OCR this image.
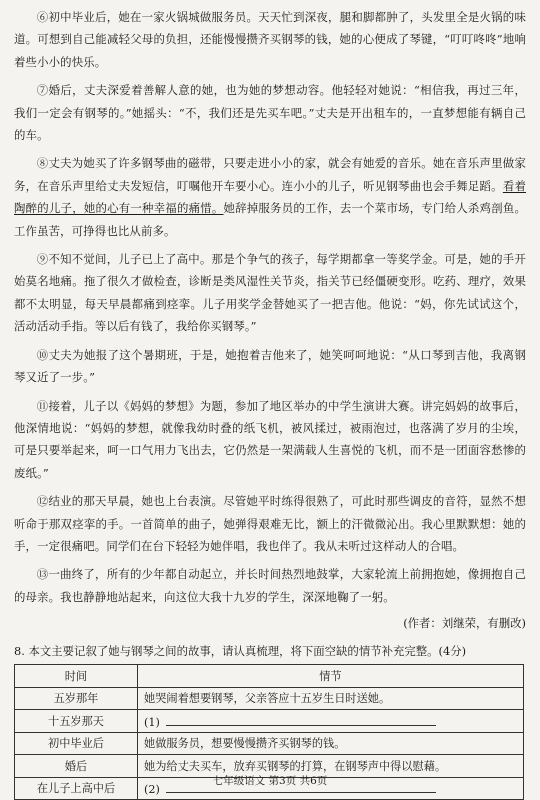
⑥初中毕业后，她在一家火锅城做服务员。天天忙到深夜，腿和脚都肿了，头发里全是火锅的味道。可想到自己能减轻父母的负担，还能慢慢攒齐买钢琴的钱，她的心便成了琴键，“叮叮咚咚”地响着些小小的快乐。

⑦婚后，丈夫深爱着善解人意的她，也为她的梦想动容。他轻轻对她说：“相信我，再过三年，我们一定会有钢琴的。”她摇头：“不，我们还是先买车吧。”丈夫是开出租车的，一直梦想能有辆自己的车。

⑧丈夫为她买了许多钢琴曲的磁带，只要走进小小的家，就会有她爱的音乐。她在音乐声里做家务，在音乐声里给丈夫发短信，叮嘱他开车要小心。连小小的儿子，听见钢琴曲也会手舞足蹈。看着陶醉的儿子，她的心有一种幸福的痛惜。她辞掉服务员的工作，去一个菜市场，专门给人杀鸡剖鱼。工作虽苦，可挣得也比从前多。

⑨不知不觉间，儿子已上了高中。那是个争气的孩子，每学期都拿一等奖学金。可是，她的手开始莫名地痛。拖了很久才做检查，诊断是类风湿性关节炎，指关节已经僵硬变形。吃药、理疗，效果都不太明显，每天早晨都痛到痉挛。儿子用奖学金替她买了一把吉他。他说：“妈，你先试试这个，活动活动手指。等以后有钱了，我给你买钢琴。”

⑩丈夫为她报了这个暑期班，于是，她抱着吉他来了，她笑呵呵地说：“从口琴到吉他，我离钢琴又近了一步。”

⑪接着，儿子以《妈妈的梦想》为题，参加了地区举办的中学生演讲大赛。讲完妈妈的故事后，他深情地说：“妈妈的梦想，就像我幼时叠的纸飞机，被风揉过，被雨泡过，也落满了岁月的尘埃，可是只要举起来，呵一口气用力飞出去，它仍然是一架满载人生喜悦的飞机，而不是一团面容愁惨的废纸。”

⑫结业的那天早晨，她也上台表演。尽管她平时练得很熟了，可此时那些调皮的音符，显然不想听命于那双痉挛的手。一首简单的曲子，她弹得艰难无比，额上的汗微微沁出。我心里默默想：她的手，一定很痛吧。同学们在台下轻轻为她伴唱，我也伴了。我从未听过这样动人的合唱。

⑬一曲终了，所有的少年都自动起立，并长时间热烈地鼓掌，大家轮流上前拥抱她，像拥抱自己的母亲。我也静静地站起来，向这位大我十九岁的学生，深深地鞠了一躬。

(作者：刘继荣，有删改)

8. 本文主要记叙了她与钢琴之间的故事，请认真梳理，将下面空缺的情节补充完整。(4分)

时间	情节
五岁那年	她哭闹着想要钢琴，父亲答应十五岁生日时送她。
十五岁那天	(1)
初中毕业后	她做服务员，想要慢慢攒齐买钢琴的钱。
婚后	她为给丈夫买车，放弃买钢琴的打算，在钢琴声中得以慰藉。
在儿子上高中后	(2)
七年级语文 第3页 共6页
